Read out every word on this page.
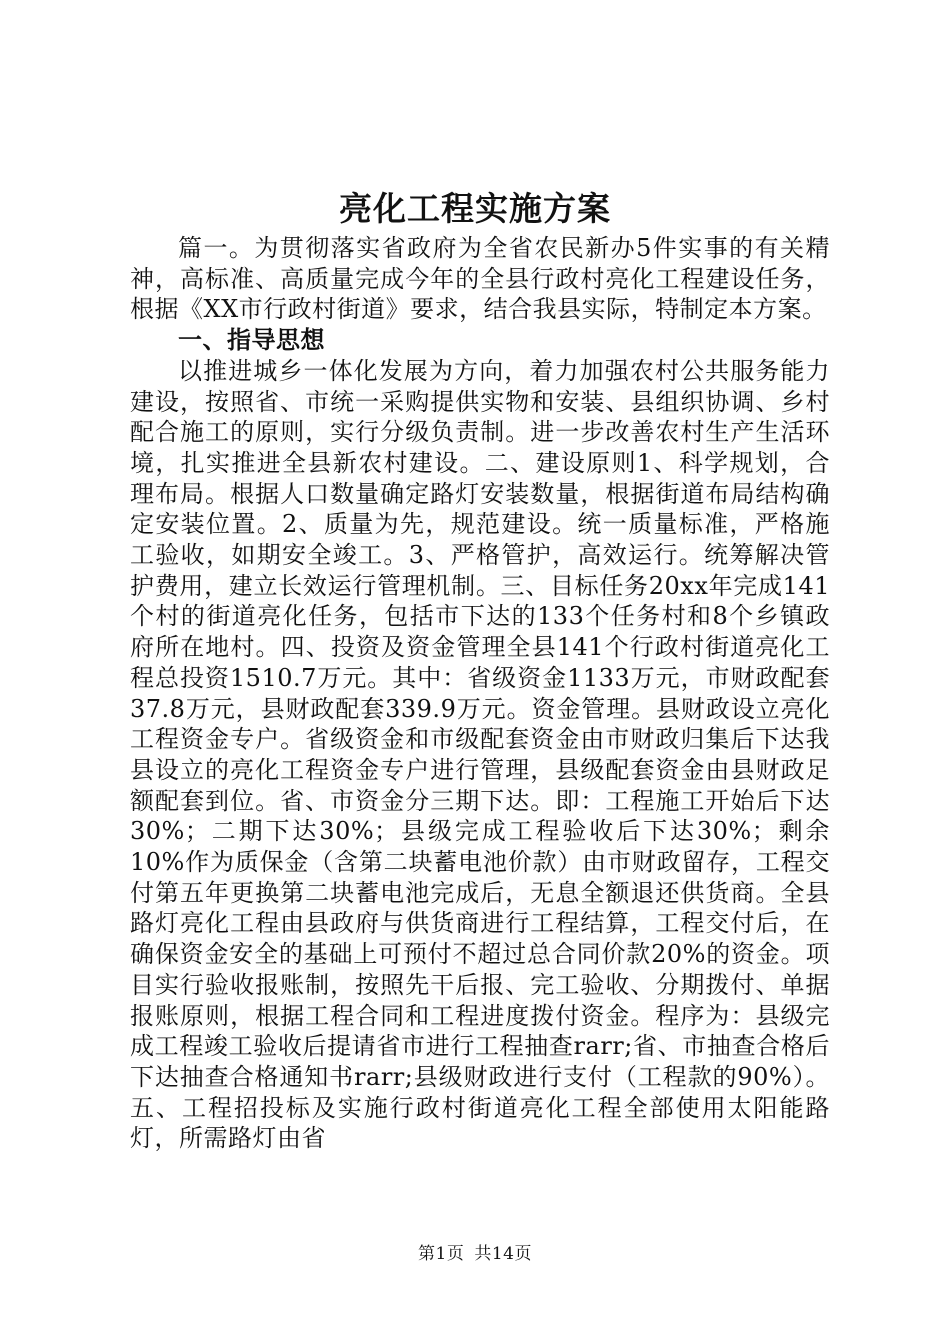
亮化工程实施方案

篇一。为贯彻落实省政府为全省农民新办5件实事的有关精神，高标准、高质量完成今年的全县行政村亮化工程建设任务，根据《XX市行政村街道》要求，结合我县实际，特制定本方案。

一、指导思想

以推进城乡一体化发展为方向，着力加强农村公共服务能力建设，按照省、市统一采购提供实物和安装、县组织协调、乡村配合施工的原则，实行分级负责制。进一步改善农村生产生活环境，扎实推进全县新农村建设。二、建设原则1、科学规划，合理布局。根据人口数量确定路灯安装数量，根据街道布局结构确定安装位置。2、质量为先，规范建设。统一质量标准，严格施工验收，如期安全竣工。3、严格管护，高效运行。统筹解决管护费用，建立长效运行管理机制。三、目标任务20xx年完成141个村的街道亮化任务，包括市下达的133个任务村和8个乡镇政府所在地村。四、投资及资金管理全县141个行政村街道亮化工程总投资1510.7万元。其中：省级资金1133万元，市财政配套37.8万元，县财政配套339.9万元。资金管理。县财政设立亮化工程资金专户。省级资金和市级配套资金由市财政归集后下达我县设立的亮化工程资金专户进行管理，县级配套资金由县财政足额配套到位。省、市资金分三期下达。即：工程施工开始后下达30%；二期下达30%；县级完成工程验收后下达30%；剩余10%作为质保金（含第二块蓄电池价款）由市财政留存，工程交付第五年更换第二块蓄电池完成后，无息全额退还供货商。全县路灯亮化工程由县政府与供货商进行工程结算，工程交付后，在确保资金安全的基础上可预付不超过总合同价款20%的资金。项目实行验收报账制，按照先干后报、完工验收、分期拨付、单据报账原则，根据工程合同和工程进度拨付资金。程序为：县级完成工程竣工验收后提请省市进行工程抽查rarr;省、市抽查合格后下达抽查合格通知书rarr;县级财政进行支付（工程款的90%）。五、工程招投标及实施行政村街道亮化工程全部使用太阳能路灯，所需路灯由省

第1页 共14页
